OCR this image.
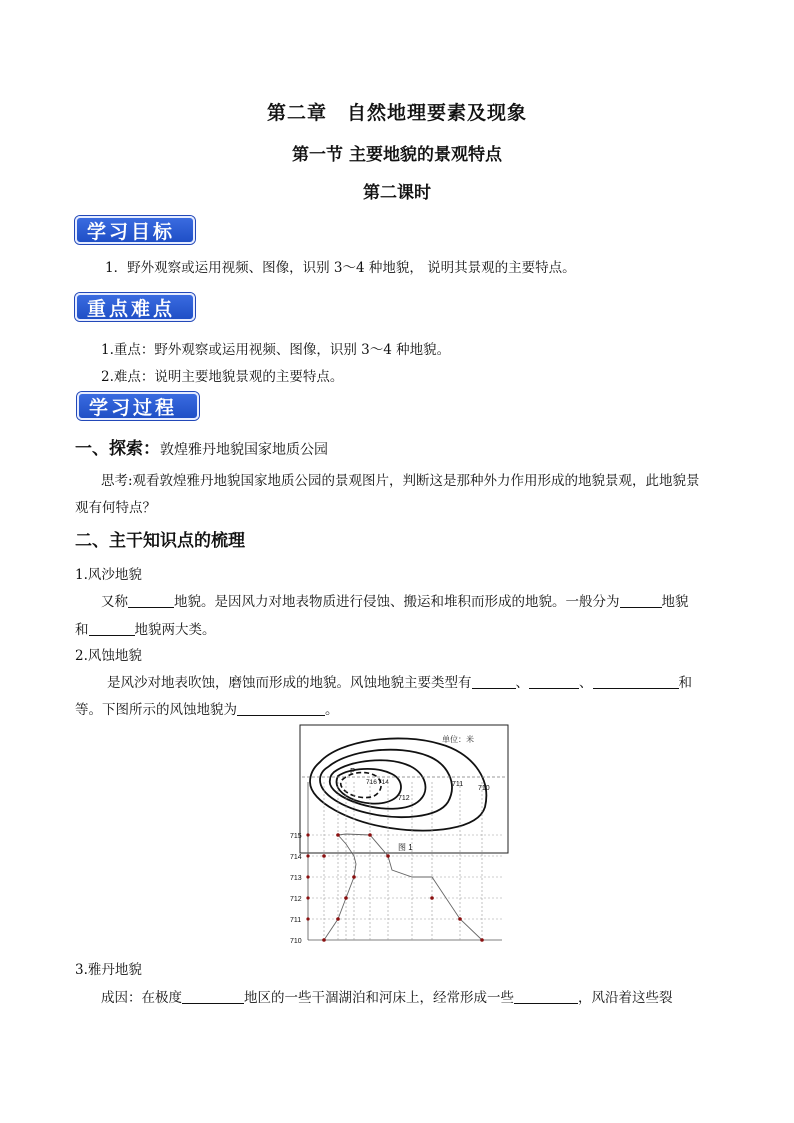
第二章　自然地理要素及现象
第一节 主要地貌的景观特点
第二课时
学习目标
1．野外观察或运用视频、图像，识别 3～4 种地貌， 说明其景观的主要特点。
重点难点
1.重点：野外观察或运用视频、图像，识别 3～4 种地貌。
2.难点：说明主要地貌景观的主要特点。
学习过程
一、探索：敦煌雅丹地貌国家地质公园
思考:观看敦煌雅丹地貌国家地质公园的景观图片，判断这是那种外力作用形成的地貌景观，此地貌景
观有何特点？
二、主干知识点的梳理
1.风沙地貌
又称	地貌。是因风力对地表物质进行侵蚀、搬运和堆积而形成的地貌。一般分为	地貌
和	地貌两大类。
2.风蚀地貌
是风沙对地表吹蚀，磨蚀而形成的地貌。风蚀地貌主要类型有	、	、	和
等。下图所示的风蚀地貌为	。
单位：米
P
716 714
712
711
710
图 1
715
714
713
712
711
710
3.雅丹地貌
成因：在极度	地区的一些干涸湖泊和河床上，经常形成一些	，风沿着这些裂
